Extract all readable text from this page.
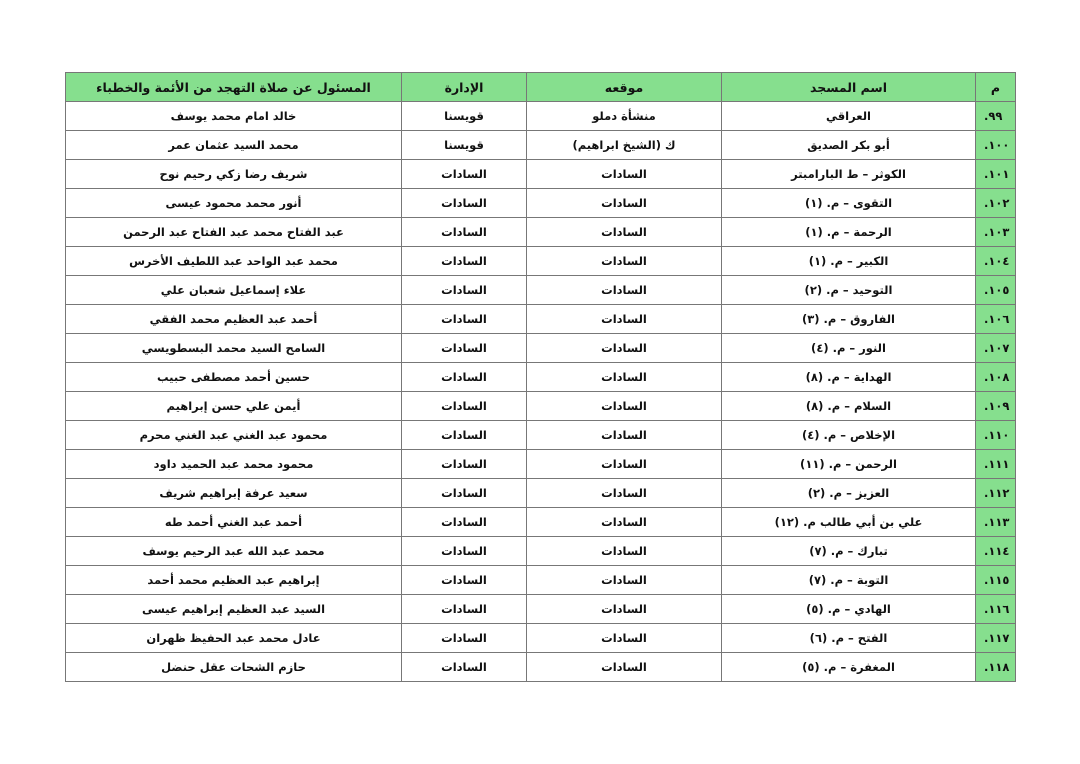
م	اسم المسجد	موقعه	الإدارة	المسئول عن صلاة التهجد من الأئمة والخطباء
٩٩.	العراقي	منشأة دملو	قويسنا	خالد امام محمد يوسف
١٠٠.	أبو بكر الصديق	ك (الشيخ ابراهيم)	قويسنا	محمد السيد عثمان عمر
١٠١.	الكوثر – ط البارامبتر	السادات	السادات	شريف رضا زكي رحيم نوح
١٠٢.	التقوى – م. (١)	السادات	السادات	أنور محمد محمود عيسى
١٠٣.	الرحمة – م. (١)	السادات	السادات	عبد الفتاح محمد عبد الفتاح عبد الرحمن
١٠٤.	الكبير – م. (١)	السادات	السادات	محمد عبد الواحد عبد اللطيف الأخرس
١٠٥.	التوحيد – م. (٢)	السادات	السادات	علاء إسماعيل شعبان علي
١٠٦.	الفاروق – م. (٣)	السادات	السادات	أحمد عبد العظيم محمد الفقي
١٠٧.	النور – م. (٤)	السادات	السادات	السامح السيد محمد البسطويسي
١٠٨.	الهداية – م. (٨)	السادات	السادات	حسين أحمد مصطفى حبيب
١٠٩.	السلام – م. (٨)	السادات	السادات	أيمن علي حسن إبراهيم
١١٠.	الإخلاص – م. (٤)	السادات	السادات	محمود عبد الغني عبد الغني محرم
١١١.	الرحمن – م. (١١)	السادات	السادات	محمود محمد عبد الحميد داود
١١٢.	العزيز – م. (٢)	السادات	السادات	سعيد عرفة إبراهيم شريف
١١٣.	علي بن أبي طالب م. (١٢)	السادات	السادات	أحمد عبد الغني أحمد طه
١١٤.	تبارك – م. (٧)	السادات	السادات	محمد عبد الله عبد الرحيم يوسف
١١٥.	التوبة – م. (٧)	السادات	السادات	إبراهيم عبد العظيم محمد أحمد
١١٦.	الهادي – م. (٥)	السادات	السادات	السيد عبد العظيم إبراهيم عيسى
١١٧.	الفتح – م. (٦)	السادات	السادات	عادل محمد عبد الحفيظ ظهران
١١٨.	المغفرة – م. (٥)	السادات	السادات	حازم الشحات عقل حنضل
